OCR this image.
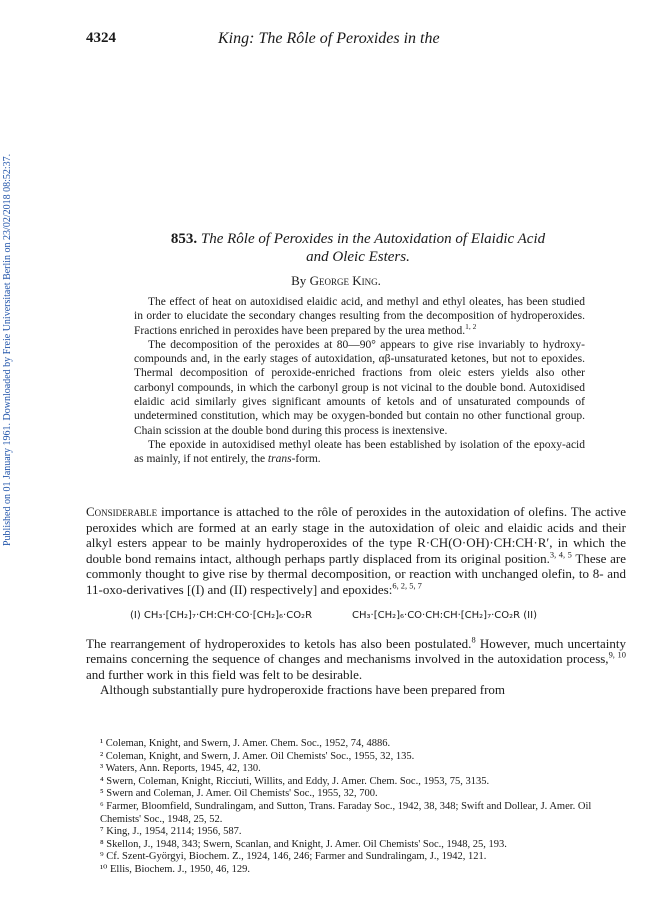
Published on 01 January 1961. Downloaded by Freie Universitaet Berlin on 23/02/2018 08:52:37.
4324	King: The Rôle of Peroxides in the
853. The Rôle of Peroxides in the Autoxidation of Elaidic Acid
and Oleic Esters.
By George King.

The effect of heat on autoxidised elaidic acid, and methyl and ethyl oleates, has been studied in order to elucidate the secondary changes resulting from the decomposition of hydroperoxides. Fractions enriched in peroxides have been prepared by the urea method.$^{1, 2}$

The decomposition of the peroxides at 80—90° appears to give rise invariably to hydroxy-compounds and, in the early stages of autoxidation, αβ-unsaturated ketones, but not to epoxides. Thermal decomposition of peroxide-enriched fractions from oleic esters yields also other carbonyl compounds, in which the carbonyl group is not vicinal to the double bond. Autoxidised elaidic acid similarly gives significant amounts of ketols and of unsaturated compounds of undetermined constitution, which may be oxygen-bonded but contain no other functional group. Chain scission at the double bond during this process is inextensive.

The epoxide in autoxidised methyl oleate has been established by isolation of the epoxy-acid as mainly, if not entirely, the trans-form.

Considerable importance is attached to the rôle of peroxides in the autoxidation of olefins. The active peroxides which are formed at an early stage in the autoxidation of oleic and elaidic acids and their alkyl esters appear to be mainly hydroperoxides of the type R·CH(O·OH)·CH:CH·R′, in which the double bond remains intact, although perhaps partly displaced from its original position.$^{3, 4, 5}$ These are commonly thought to give rise by thermal decomposition, or reaction with unchanged olefin, to 8- and 11-oxo-derivatives [(I) and (II) respectively] and epoxides:$^{6, 2, 5, 7}$

(I) CH₃·[CH₂]₇·CH:CH·CO·[CH₂]₆·CO₂R	CH₃·[CH₂]₆·CO·CH:CH·[CH₂]₇·CO₂R (II)

The rearrangement of hydroperoxides to ketols has also been postulated.$^8$ However, much uncertainty remains concerning the sequence of changes and mechanisms involved in the autoxidation process,$^{9, 10}$ and further work in this field was felt to be desirable.

Although substantially pure hydroperoxide fractions have been prepared from

¹ Coleman, Knight, and Swern, J. Amer. Chem. Soc., 1952, 74, 4886.

² Coleman, Knight, and Swern, J. Amer. Oil Chemists' Soc., 1955, 32, 135.

³ Waters, Ann. Reports, 1945, 42, 130.

⁴ Swern, Coleman, Knight, Ricciuti, Willits, and Eddy, J. Amer. Chem. Soc., 1953, 75, 3135.

⁵ Swern and Coleman, J. Amer. Oil Chemists' Soc., 1955, 32, 700.

⁶ Farmer, Bloomfield, Sundralingam, and Sutton, Trans. Faraday Soc., 1942, 38, 348; Swift and Dollear, J. Amer. Oil Chemists' Soc., 1948, 25, 52.

⁷ King, J., 1954, 2114; 1956, 587.

⁸ Skellon, J., 1948, 343; Swern, Scanlan, and Knight, J. Amer. Oil Chemists' Soc., 1948, 25, 193.

⁹ Cf. Szent-Györgyi, Biochem. Z., 1924, 146, 246; Farmer and Sundralingam, J., 1942, 121.

¹⁰ Ellis, Biochem. J., 1950, 46, 129.
